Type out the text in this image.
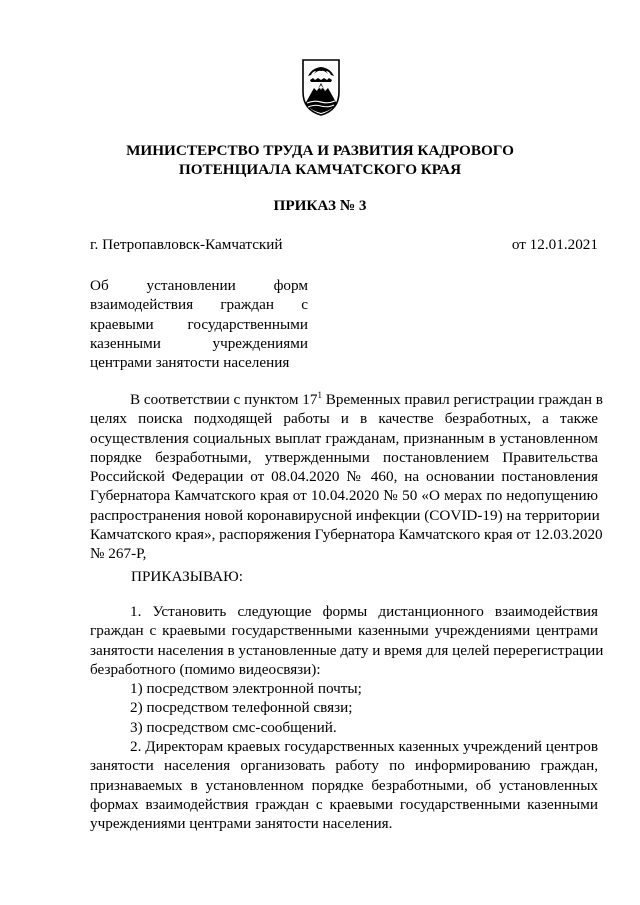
МИНИСТЕРСТВО ТРУДА И РАЗВИТИЯ КАДРОВОГО
ПОТЕНЦИАЛА КАМЧАТСКОГО КРАЯ
ПРИКАЗ № 3
г. Петропавловск-Камчатский	от 12.01.2021
Об установлении форм
взаимодействия граждан с
краевыми государственными
казенными учреждениями
центрами занятости населения
В соответствии с пунктом $17^1$ Временных правил регистрации граждан в
целях поиска подходящей работы и в качестве безработных, а также
осуществления социальных выплат гражданам, признанным в установленном
порядке безработными, утвержденными постановлением Правительства
Российской Федерации от 08.04.2020 № 460, на основании постановления
Губернатора Камчатского края от 10.04.2020 № 50 «О мерах по недопущению
распространения новой коронавирусной инфекции (COVID-19) на территории
Камчатского края», распоряжения Губернатора Камчатского края от 12.03.2020
№ 267-Р,
ПРИКАЗЫВАЮ:
1. Установить следующие формы дистанционного взаимодействия
граждан с краевыми государственными казенными учреждениями центрами
занятости населения в установленные дату и время для целей перерегистрации
безработного (помимо видеосвязи):
1) посредством электронной почты;
2) посредством телефонной связи;
3) посредством смс-сообщений.
2. Директорам краевых государственных казенных учреждений центров
занятости населения организовать работу по информированию граждан,
признаваемых в установленном порядке безработными, об установленных
формах взаимодействия граждан с краевыми государственными казенными
учреждениями центрами занятости населения.
